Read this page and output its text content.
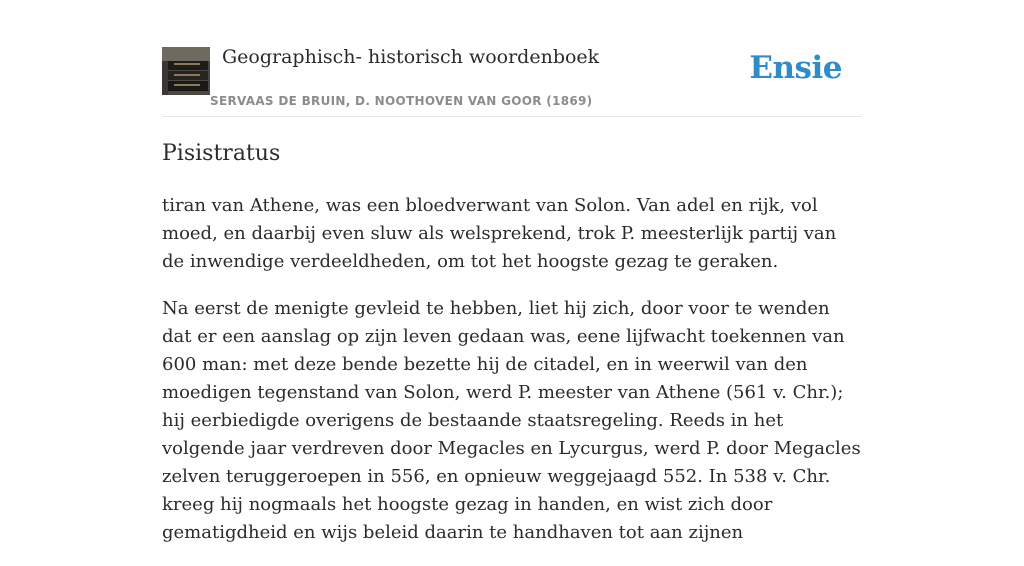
Geographisch- historisch woordenboek
SERVAAS DE BRUIN, D. NOOTHOVEN VAN GOOR (1869)
Ensie
Pisistratus

tiran van Athene, was een bloedverwant van Solon. Van adel en rijk, vol moed, en daarbij even sluw als welsprekend, trok P. meesterlijk partij van de inwendige verdeeldheden, om tot het hoogste gezag te geraken.

Na eerst de menigte gevleid te hebben, liet hij zich, door voor te wenden dat er een aanslag op zijn leven gedaan was, eene lijfwacht toekennen van 600 man: met deze bende bezette hij de citadel, en in weerwil van den moedigen tegenstand van Solon, werd P. meester van Athene (561 v. Chr.); hij eerbiedigde overigens de bestaande staatsregeling. Reeds in het volgende jaar verdreven door Megacles en Lycurgus, werd P. door Megacles zelven teruggeroepen in 556, en opnieuw weggejaagd 552. In 538 v. Chr. kreeg hij nogmaals het hoogste gezag in handen, en wist zich door gematigdheid en wijs beleid daarin te handhaven tot aan zijnen
